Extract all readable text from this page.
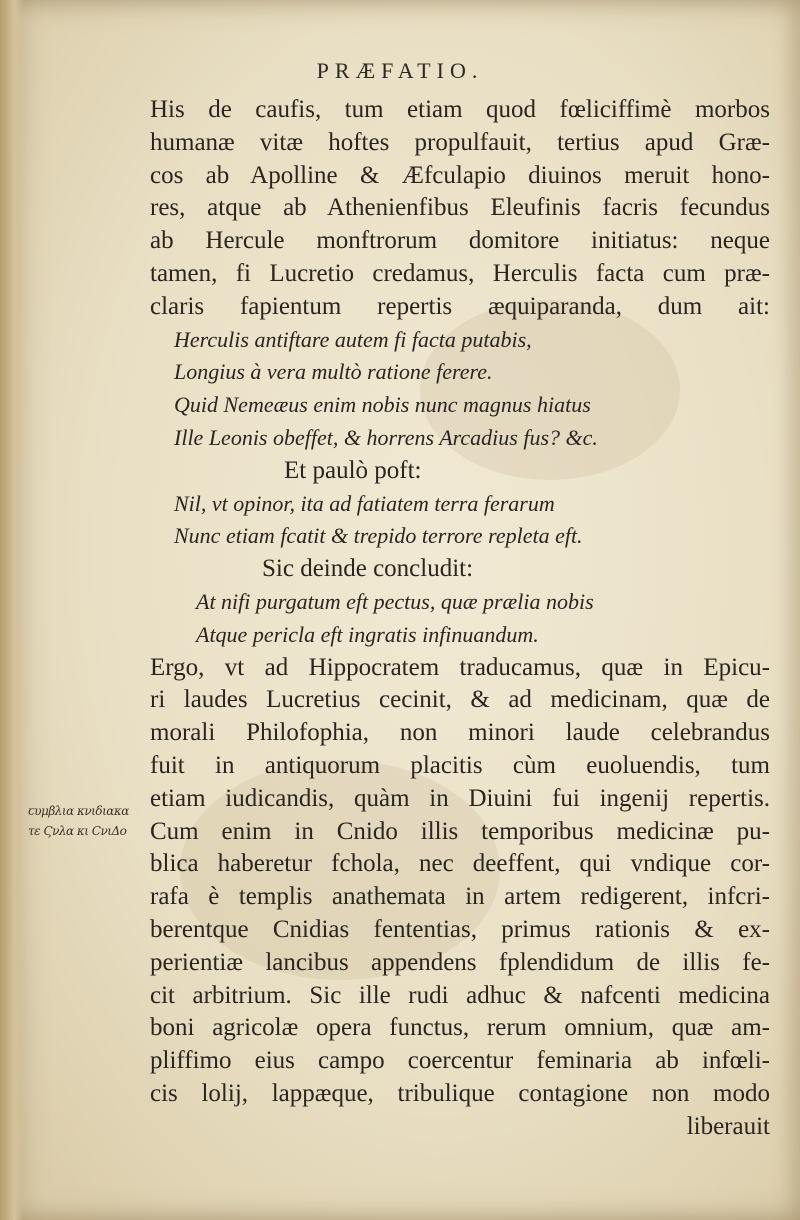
PRÆFATIO.
His de caufis, tum etiam quod fœliciffimè morbos
humanæ vitæ hoftes propulfauit, tertius apud Græ-
cos ab Apolline & Æfculapio diuinos meruit hono-
res, atque ab Athenienfibus Eleufinis facris fecundus
ab Hercule monftrorum domitore initiatus: neque
tamen, fi Lucretio credamus, Herculis facta cum præ-
claris fapientum repertis æquiparanda, dum ait:
Herculis antiftare autem fi facta putabis,
Longius à vera multò ratione ferere.
Quid Nemeæus enim nobis nunc magnus hiatus
Ille Leonis obeffet, & horrens Arcadius fus? &c.
Et paulò poft:
Nil, vt opinor, ita ad fatiatem terra ferarum
Nunc etiam fcatit & trepido terrore repleta eft.
Sic deinde concludit:
At nifi purgatum eft pectus, quæ prælia nobis
Atque pericla eft ingratis infinuandum.
Ergo, vt ad Hippocratem traducamus, quæ in Epicu-
ri laudes Lucretius cecinit, & ad medicinam, quæ de
morali Philofophia, non minori laude celebrandus
fuit in antiquorum placitis cùm euoluendis, tum
etiam iudicandis, quàm in Diuini fui ingenij repertis.
Cum enim in Cnido illis temporibus medicinæ pu-
blica haberetur fchola, nec deeffent, qui vndique cor-
rafa è templis anathemata in artem redigerent, infcri-
berentque Cnidias fententias, primus rationis & ex-
perientiæ lancibus appendens fplendidum de illis fe-
cit arbitrium. Sic ille rudi adhuc & nafcenti medicina
boni agricolæ opera functus, rerum omnium, quæ am-
pliffimo eius campo coercentur feminaria ab infœli-
cis lolij, lappæque, tribulique contagione non modo
liberauit
ꞇυμβλια κνιδιακα
τε Ϛνλα κι ϹνιΔο
